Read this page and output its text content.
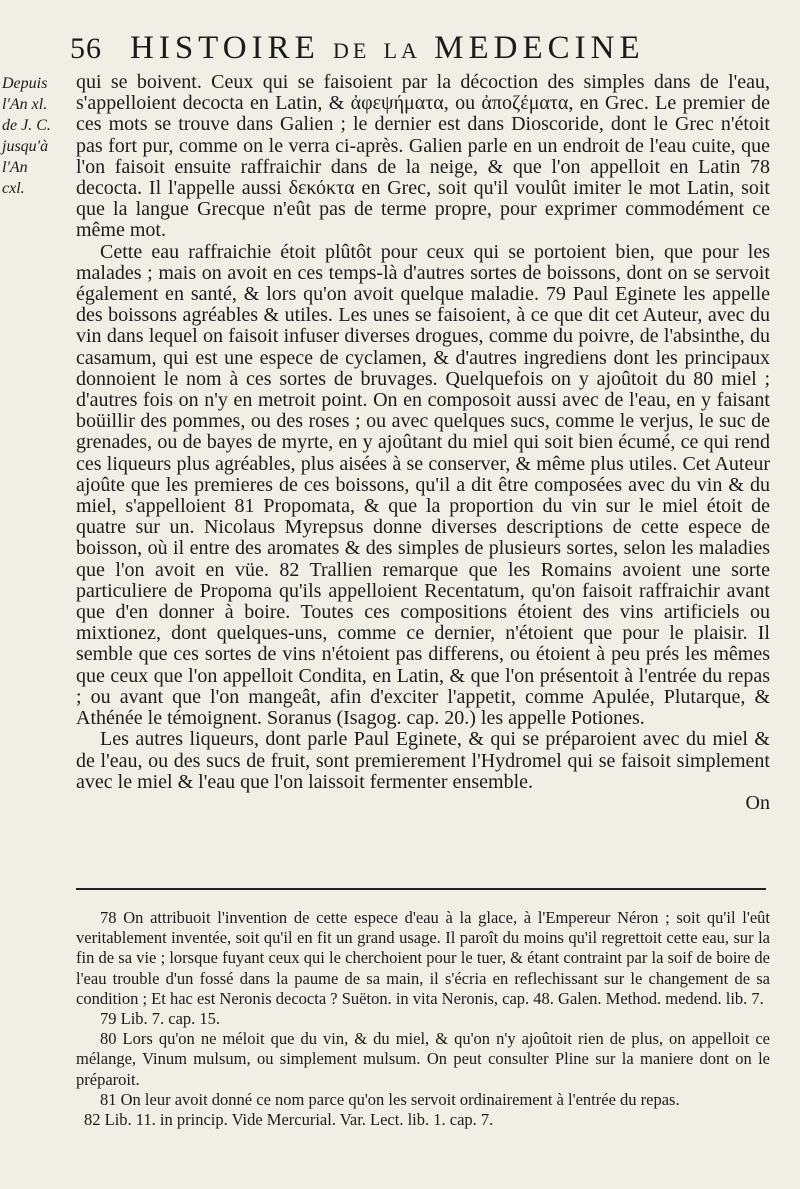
56 HISTOIRE DE LA MEDECINE
Depuis
l'An xl.
de J. C.
jusqu'à
l'An
cxl.

qui se boivent. Ceux qui se faisoient par la décoction des simples dans de l'eau, s'appelloient decocta en Latin, & ἀφεψήματα, ou ἀποζέματα, en Grec. Le premier de ces mots se trouve dans Galien ; le dernier est dans Dioscoride, dont le Grec n'étoit pas fort pur, comme on le verra ci-après. Galien parle en un endroit de l'eau cuite, que l'on faisoit ensuite raffraichir dans de la neige, & que l'on appelloit en Latin 78 decocta. Il l'appelle aussi δεκόκτα en Grec, soit qu'il voulût imiter le mot Latin, soit que la langue Grecque n'eût pas de terme propre, pour exprimer commodément ce même mot.

Cette eau raffraichie étoit plûtôt pour ceux qui se portoient bien, que pour les malades ; mais on avoit en ces temps-là d'autres sortes de boissons, dont on se servoit également en santé, & lors qu'on avoit quelque maladie. 79 Paul Eginete les appelle des boissons agréables & utiles. Les unes se faisoient, à ce que dit cet Auteur, avec du vin dans lequel on faisoit infuser diverses drogues, comme du poivre, de l'absinthe, du casamum, qui est une espece de cyclamen, & d'autres ingrediens dont les principaux donnoient le nom à ces sortes de bruvages. Quelquefois on y ajoûtoit du 80 miel ; d'autres fois on n'y en metroit point. On en composoit aussi avec de l'eau, en y faisant boüillir des pommes, ou des roses ; ou avec quelques sucs, comme le verjus, le suc de grenades, ou de bayes de myrte, en y ajoûtant du miel qui soit bien écumé, ce qui rend ces liqueurs plus agréables, plus aisées à se conserver, & même plus utiles. Cet Auteur ajoûte que les premieres de ces boissons, qu'il a dit être composées avec du vin & du miel, s'appelloient 81 Propomata, & que la proportion du vin sur le miel étoit de quatre sur un. Nicolaus Myrepsus donne diverses descriptions de cette espece de boisson, où il entre des aromates & des simples de plusieurs sortes, selon les maladies que l'on avoit en vüe. 82 Trallien remarque que les Romains avoient une sorte particuliere de Propoma qu'ils appelloient Recentatum, qu'on faisoit raffraichir avant que d'en donner à boire. Toutes ces compositions étoient des vins artificiels ou mixtionez, dont quelques-uns, comme ce dernier, n'étoient que pour le plaisir. Il semble que ces sortes de vins n'étoient pas differens, ou étoient à peu prés les mêmes que ceux que l'on appelloit Condita, en Latin, & que l'on présentoit à l'entrée du repas ; ou avant que l'on mangeât, afin d'exciter l'appetit, comme Apulée, Plutarque, & Athénée le témoignent. Soranus (Isagog. cap. 20.) les appelle Potiones.

Les autres liqueurs, dont parle Paul Eginete, & qui se préparoient avec du miel & de l'eau, ou des sucs de fruit, sont premierement l'Hydromel qui se faisoit simplement avec le miel & l'eau que l'on laissoit fermenter ensemble.

On

78 On attribuoit l'invention de cette espece d'eau à la glace, à l'Empereur Néron ; soit qu'il l'eût veritablement inventée, soit qu'il en fit un grand usage. Il paroît du moins qu'il regrettoit cette eau, sur la fin de sa vie ; lorsque fuyant ceux qui le cherchoient pour le tuer, & étant contraint par la soif de boire de l'eau trouble d'un fossé dans la paume de sa main, il s'écria en reflechissant sur le changement de sa condition ; Et hac est Neronis decocta ? Suëton. in vita Neronis, cap. 48. Galen. Method. medend. lib. 7.

79 Lib. 7. cap. 15.

80 Lors qu'on ne méloit que du vin, & du miel, & qu'on n'y ajoûtoit rien de plus, on appelloit ce mélange, Vinum mulsum, ou simplement mulsum. On peut consulter Pline sur la maniere dont on le préparoit.

81 On leur avoit donné ce nom parce qu'on les servoit ordinairement à l'entrée du repas.

82 Lib. 11. in princip. Vide Mercurial. Var. Lect. lib. 1. cap. 7.
